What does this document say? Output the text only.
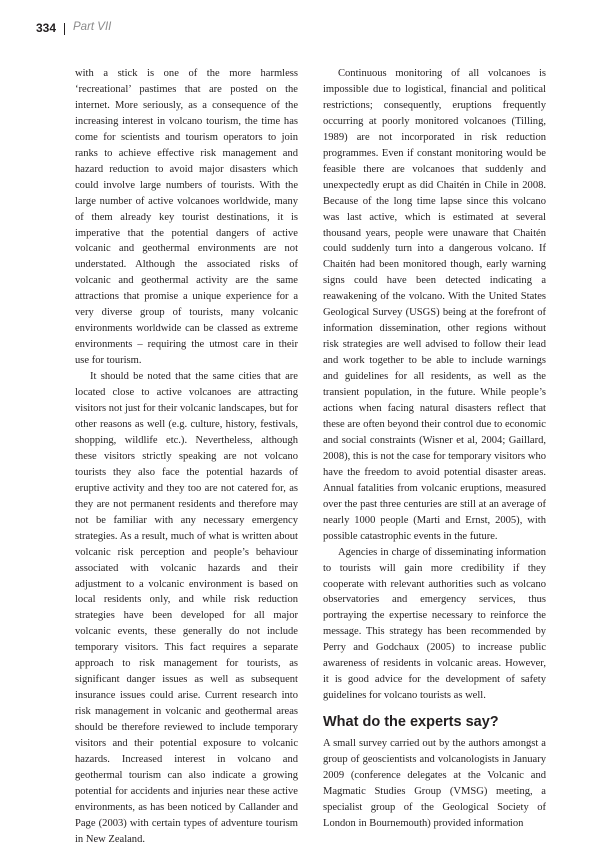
334 Part VII

with a stick is one of the more harmless ‘recreational’ pastimes that are posted on the internet. More seriously, as a consequence of the increasing interest in volcano tourism, the time has come for scientists and tourism operators to join ranks to achieve effective risk management and hazard reduction to avoid major disasters which could involve large numbers of tourists. With the large number of active volcanoes worldwide, many of them already key tourist destinations, it is imperative that the potential dangers of active volcanic and geothermal environments are not understated. Although the associated risks of volcanic and geothermal activity are the same attractions that promise a unique experience for a very diverse group of tourists, many volcanic environments worldwide can be classed as extreme environments – requiring the utmost care in their use for tourism.

It should be noted that the same cities that are located close to active volcanoes are attracting visitors not just for their volcanic landscapes, but for other reasons as well (e.g. culture, history, festivals, shopping, wildlife etc.). Nevertheless, although these visitors strictly speaking are not volcano tourists they also face the potential hazards of eruptive activity and they too are not catered for, as they are not permanent residents and therefore may not be familiar with any necessary emergency strategies. As a result, much of what is written about volcanic risk perception and people’s behaviour associated with volcanic hazards and their adjustment to a volcanic environment is based on local residents only, and while risk reduction strategies have been developed for all major volcanic events, these generally do not include temporary visitors. This fact requires a separate approach to risk management for tourists, as significant danger issues as well as subsequent insurance issues could arise. Current research into risk management in volcanic and geothermal areas should be therefore reviewed to include temporary visitors and their potential exposure to volcanic hazards. Increased interest in volcano and geothermal tourism can also indicate a growing potential for accidents and injuries near these active environments, as has been noticed by Callander and Page (2003) with certain types of adventure tourism in New Zealand.

Continuous monitoring of all volcanoes is impossible due to logistical, financial and political restrictions; consequently, eruptions frequently occurring at poorly monitored volcanoes (Tilling, 1989) are not incorporated in risk reduction programmes. Even if constant monitoring would be feasible there are volcanoes that suddenly and unexpectedly erupt as did Chaitén in Chile in 2008. Because of the long time lapse since this volcano was last active, which is estimated at several thousand years, people were unaware that Chaitén could suddenly turn into a dangerous volcano. If Chaitén had been monitored though, early warning signs could have been detected indicating a reawakening of the volcano. With the United States Geological Survey (USGS) being at the forefront of information dissemination, other regions without risk strategies are well advised to follow their lead and work together to be able to include warnings and guidelines for all residents, as well as the transient population, in the future. While people’s actions when facing natural disasters reflect that these are often beyond their control due to economic and social constraints (Wisner et al, 2004; Gaillard, 2008), this is not the case for temporary visitors who have the freedom to avoid potential disaster areas. Annual fatalities from volcanic eruptions, measured over the past three centuries are still at an average of nearly 1000 people (Marti and Ernst, 2005), with possible catastrophic events in the future.

Agencies in charge of disseminating information to tourists will gain more credibility if they cooperate with relevant authorities such as volcano observatories and emergency services, thus portraying the expertise necessary to reinforce the message. This strategy has been recommended by Perry and Godchaux (2005) to increase public awareness of residents in volcanic areas. However, it is good advice for the development of safety guidelines for volcano tourists as well.

What do the experts say?

A small survey carried out by the authors amongst a group of geoscientists and volcanologists in January 2009 (conference delegates at the Volcanic and Magmatic Studies Group (VMSG) meeting, a specialist group of the Geological Society of London in Bournemouth) provided information
